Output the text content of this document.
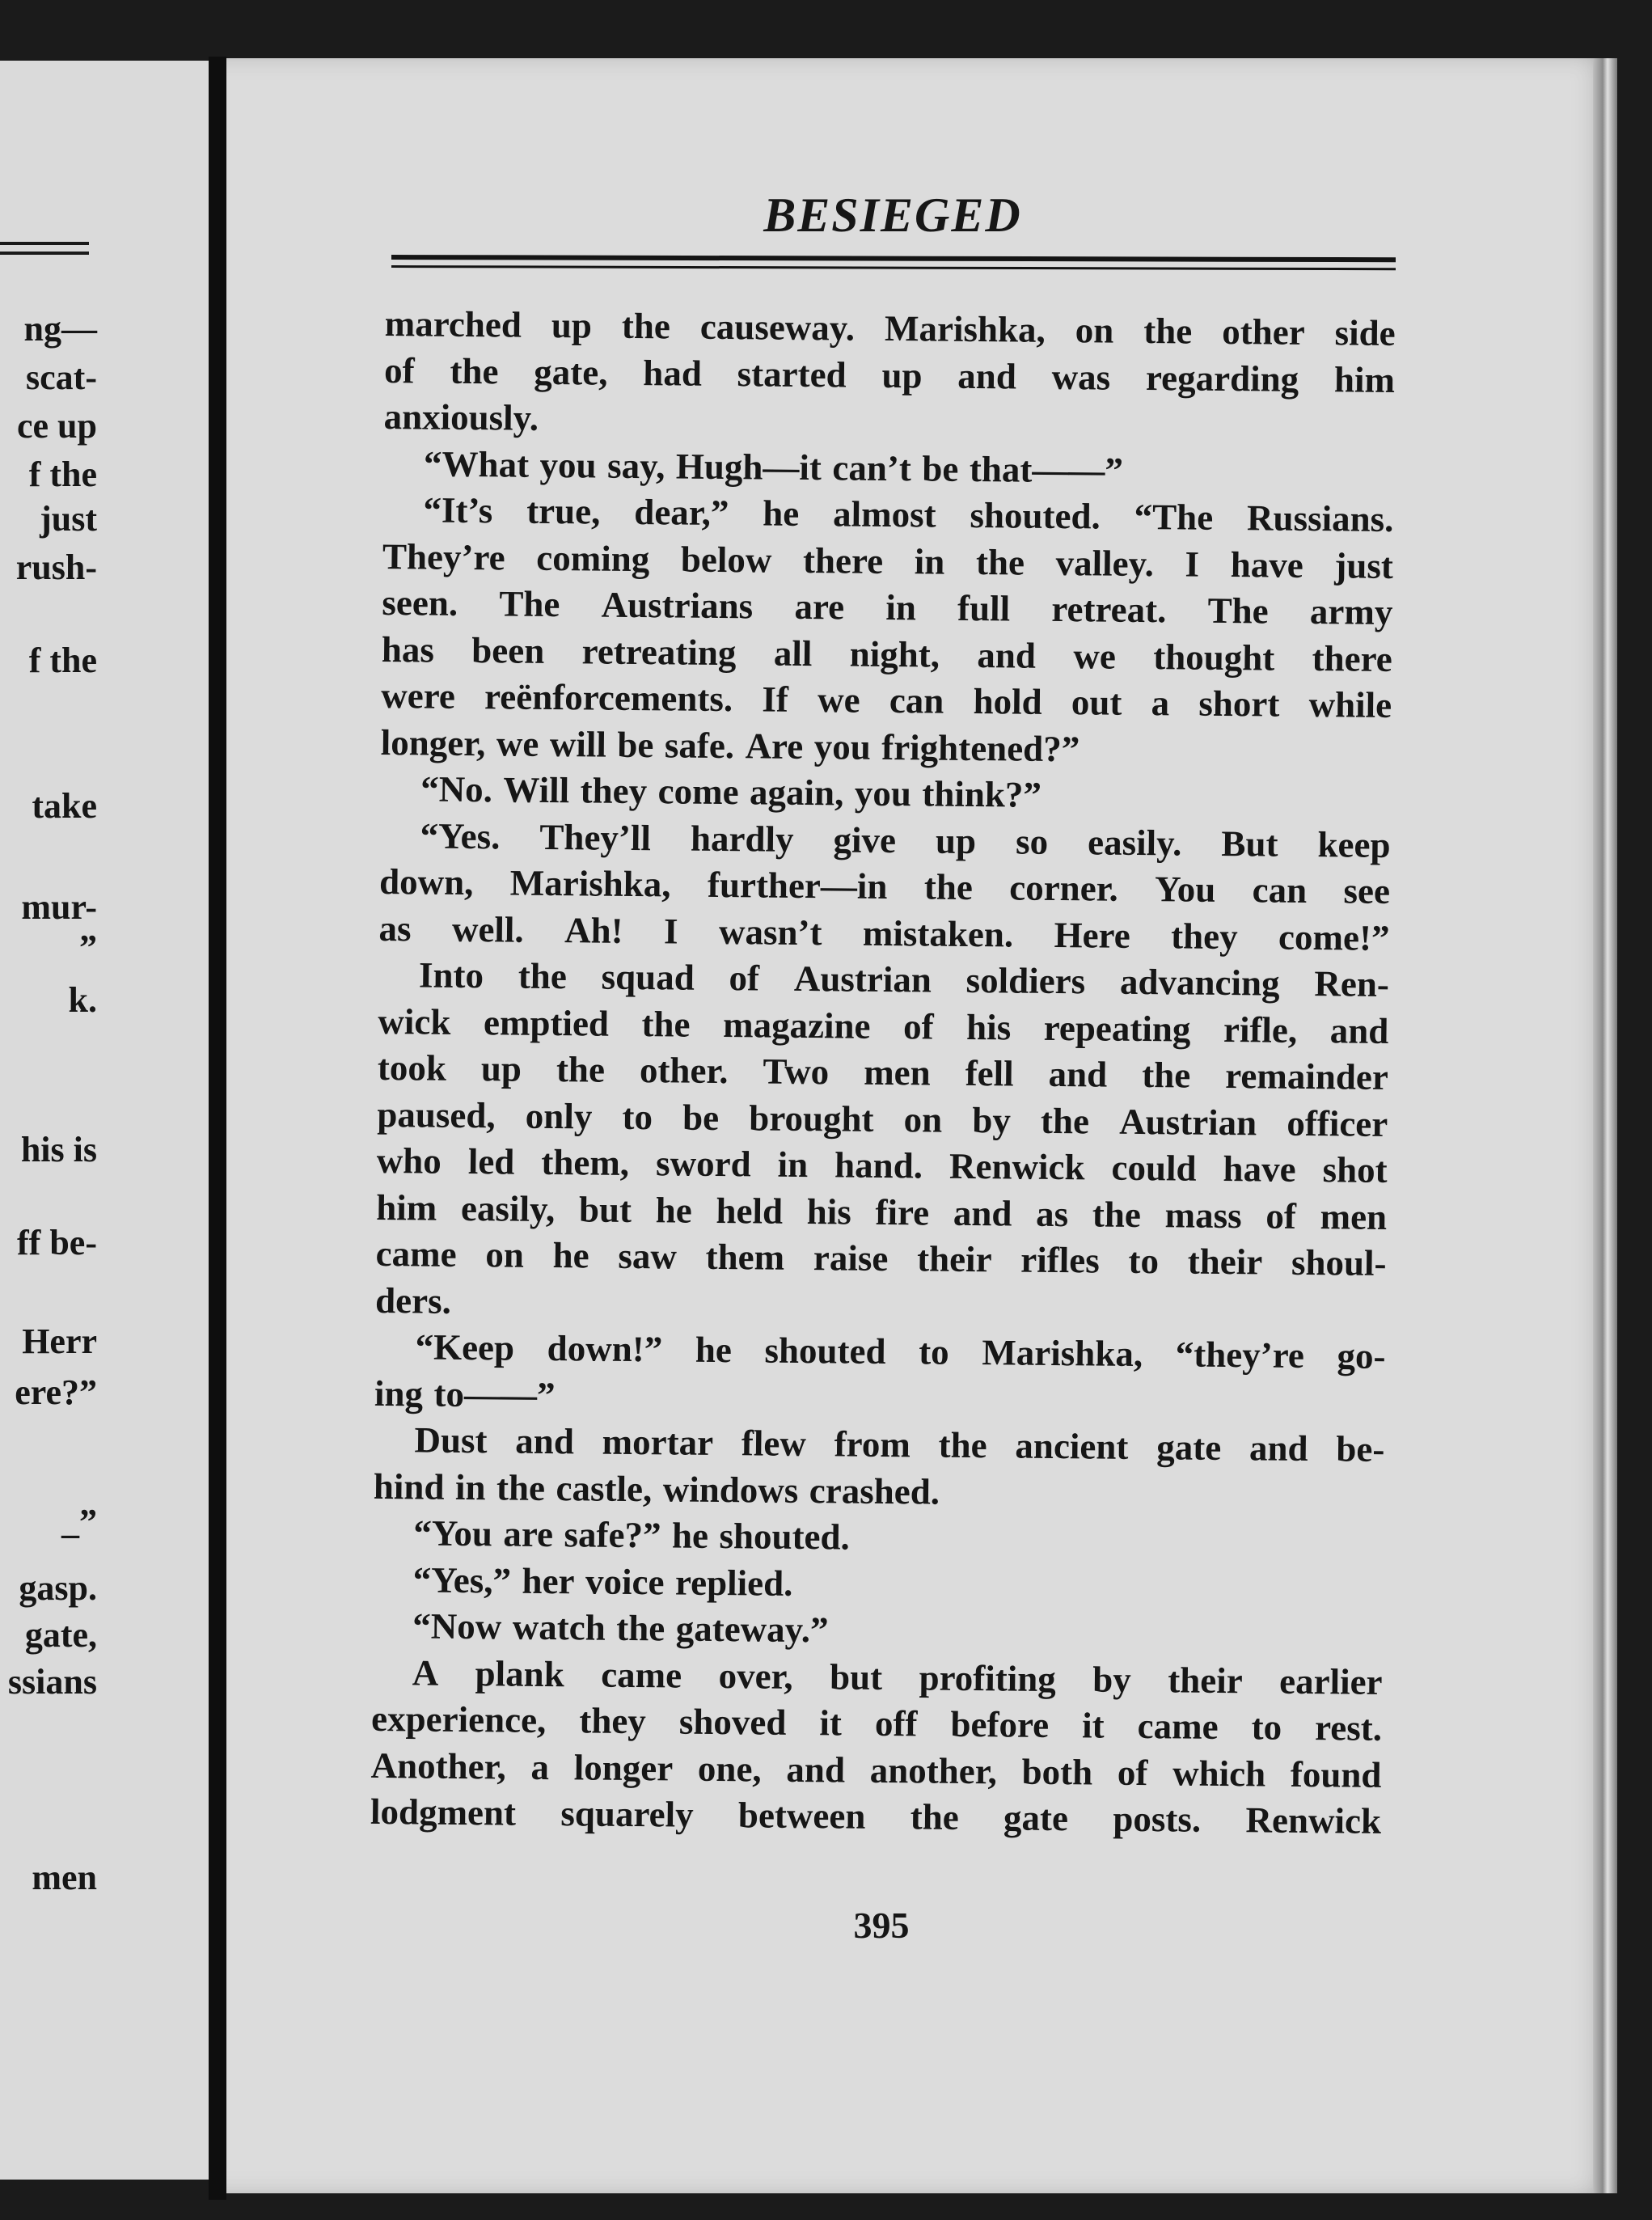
ng—
scat-
ce up
f the
just
rush-
f the
take
mur-
”
k.
his is
ff be-
Herr
ere?”
_”
gasp.
gate,
ssians
men
BESIEGED
marched up the causeway. Marishka, on the other side
of the gate, had started up and was regarding him
anxiously.
“What you say, Hugh—it can’t be that——”
“It’s true, dear,” he almost shouted. “The Russians.
They’re coming below there in the valley. I have just
seen. The Austrians are in full retreat. The army
has been retreating all night, and we thought there
were reënforcements. If we can hold out a short while
longer, we will be safe. Are you frightened?”
“No. Will they come again, you think?”
“Yes. They’ll hardly give up so easily. But keep
down, Marishka, further—in the corner. You can see
as well. Ah! I wasn’t mistaken. Here they come!”
Into the squad of Austrian soldiers advancing Ren-
wick emptied the magazine of his repeating rifle, and
took up the other. Two men fell and the remainder
paused, only to be brought on by the Austrian officer
who led them, sword in hand. Renwick could have shot
him easily, but he held his fire and as the mass of men
came on he saw them raise their rifles to their shoul-
ders.
“Keep down!” he shouted to Marishka, “they’re go-
ing to——”
Dust and mortar flew from the ancient gate and be-
hind in the castle, windows crashed.
“You are safe?” he shouted.
“Yes,” her voice replied.
“Now watch the gateway.”
A plank came over, but profiting by their earlier
experience, they shoved it off before it came to rest.
Another, a longer one, and another, both of which found
lodgment squarely between the gate posts. Renwick
395
